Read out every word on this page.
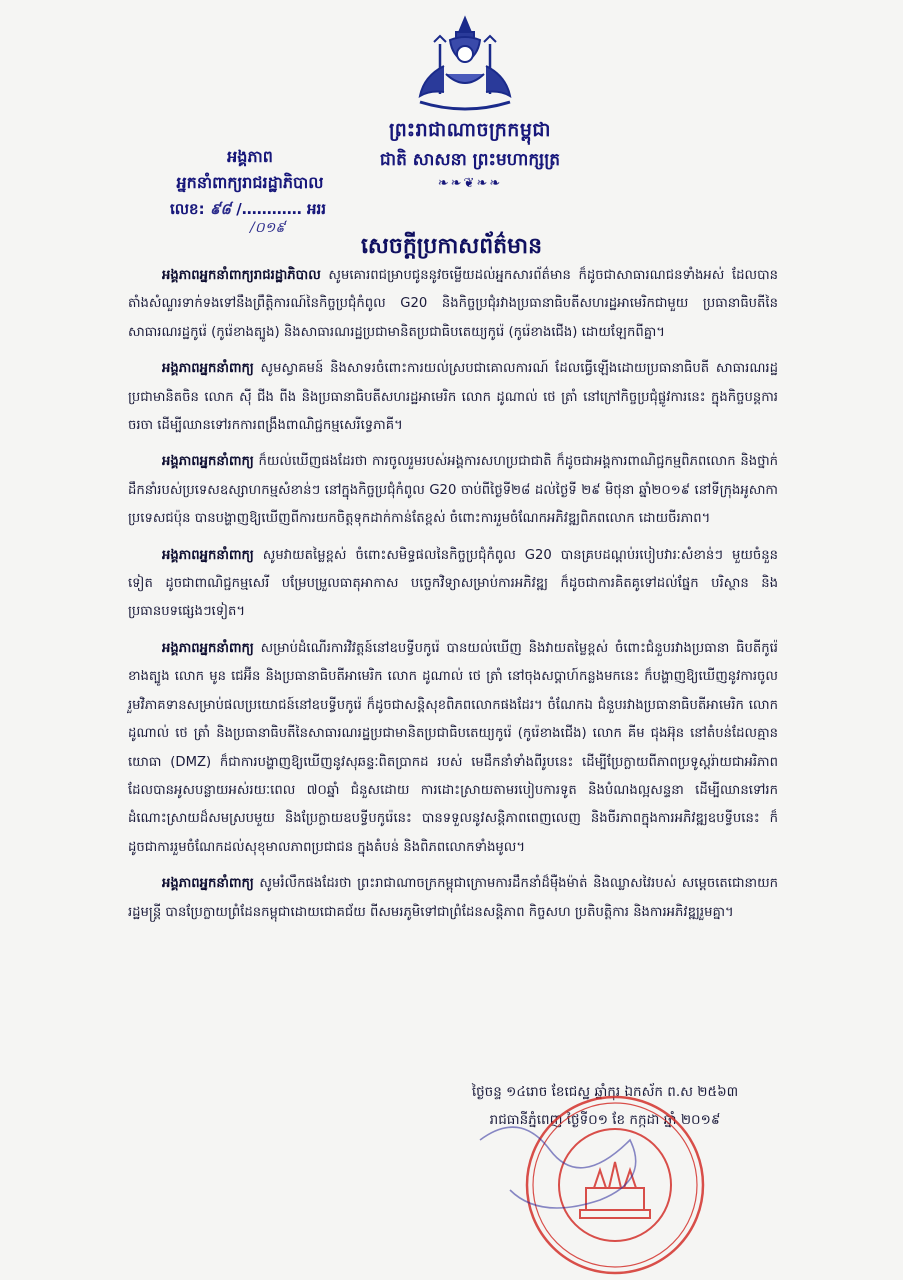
ព្រះរាជាណាចក្រកម្ពុជា
ជាតិ សាសនា ព្រះមហាក្សត្រ
❧❧❦❧❧
អង្គភាព
អ្នកនាំពាក្យរាជរដ្ឋាភិបាល
លេខ: ៩៨ /………… អររ
/០១៩
សេចក្តីប្រកាសព័ត៌មាន

អង្គភាពអ្នកនាំពាក្យរាជរដ្ឋាភិបាល សូមគោរពជម្រាបជូននូវចម្លើយដល់អ្នកសារព័ត៌មាន ក៏ដូចជាសាធារណជនទាំងអស់ ដែលបានតាំងសំណួរទាក់ទងទៅនឹងព្រឹត្តិការណ៍នៃកិច្ចប្រជុំកំពូល G20 និងកិច្ចប្រជុំរវាងប្រធានាធិបតីសហរដ្ឋអាមេរិកជាមួយ ប្រធានាធិបតីនៃសាធារណរដ្ឋកូរ៉េ (កូរ៉េខាងត្បូង) និងសាធារណរដ្ឋប្រជាមានិតប្រជាធិបតេយ្យកូរ៉េ (កូរ៉េខាងជើង) ដោយឡែកពីគ្នា។

អង្គភាពអ្នកនាំពាក្យ សូមស្វាគមន៍ និងសាទរចំពោះការយល់ស្របជាគោលការណ៍ ដែលធ្វើឡើងដោយប្រធានាធិបតី សាធារណរដ្ឋប្រជាមានិតចិន លោក ស៊ី ជីង ពីង និងប្រធានាធិបតីសហរដ្ឋអាមេរិក លោក ដូណាល់ ថេ ត្រាំ នៅក្រៅកិច្ចប្រជុំផ្លូវការនេះ ក្នុងកិច្ចបន្តការចរចា ដើម្បីឈានទៅរកការពង្រឹងពាណិជ្ជកម្មសេរីទ្វេភាគី។

អង្គភាពអ្នកនាំពាក្យ ក៏យល់ឃើញផងដែរថា ការចូលរួមរបស់អង្គការសហប្រជាជាតិ ក៏ដូចជាអង្គការពាណិជ្ជកម្មពិភពលោក និងថ្នាក់ដឹកនាំរបស់ប្រទេសឧស្សាហកម្មសំខាន់ៗ នៅក្នុងកិច្ចប្រជុំកំពូល G20 ចាប់ពីថ្ងៃទី២៨ ដល់ថ្ងៃទី ២៩ មិថុនា ឆ្នាំ២០១៩ នៅទីក្រុងអូសាកា ប្រទេសជប៉ុន បានបង្ហាញឱ្យឃើញពីការយកចិត្តទុកដាក់កាន់តែខ្ពស់ ចំពោះការរួមចំណែកអភិវឌ្ឍពិភពលោក ដោយចីរភាព។

អង្គភាពអ្នកនាំពាក្យ សូមវាយតម្លៃខ្ពស់ ចំពោះសមិទ្ធផលនៃកិច្ចប្រជុំកំពូល G20 បានគ្របដណ្តប់របៀបវារៈសំខាន់ៗ មួយចំនួនទៀត ដូចជាពាណិជ្ជកម្មសេរី បម្រែបម្រួលធាតុអាកាស បច្ចេកវិទ្យាសម្រាប់ការអភិវឌ្ឍ ក៏ដូចជាការគិតគូទៅដល់ផ្នែក បរិស្ថាន និងប្រធានបទផ្សេងៗទៀត។

អង្គភាពអ្នកនាំពាក្យ សម្រាប់ដំណើរការវិវត្តន៍នៅឧបទ្វីបកូរ៉េ បានយល់ឃើញ និងវាយតម្លៃខ្ពស់ ចំពោះជំនួបរវាងប្រធានា ធិបតីកូរ៉េខាងត្បូង លោក មូន ជេអ៊ីន និងប្រធានាធិបតីអាមេរិក លោក ដូណាល់ ថេ ត្រាំ នៅចុងសប្តាហ៍កន្លងមកនេះ ក៏បង្ហាញឱ្យឃើញនូវការចូលរួមវិភាគទានសម្រាប់ផលប្រយោជន៍នៅឧបទ្វីបកូរ៉េ ក៏ដូចជាសន្តិសុខពិភពលោកផងដែរ។ ចំណែកឯ ជំនួបរវាងប្រធានាធិបតីអាមេរិក លោក ដូណាល់ ថេ ត្រាំ និងប្រធានាធិបតីនៃសាធារណរដ្ឋប្រជាមានិតប្រជាធិបតេយ្យកូរ៉េ (កូរ៉េខាងជើង) លោក គីម ជុងអ៊ុន នៅតំបន់ដែលគ្មានយោធា (DMZ) ក៏ជាការបង្ហាញឱ្យឃើញនូវសុឆន្ទៈពិតប្រាកដ របស់ មេដឹកនាំទាំងពីរូបនេះ ដើម្បីប្រែក្លាយពីភាពប្រទូស្តរ៉ាយជាអរិភាព ដែលបានអូសបន្លាយអស់រយៈពេល ៧០ឆ្នាំ ជំនួសដោយ ការដោះស្រាយតាមរបៀបការទូត និងបំណងល្អសន្ទនា ដើម្បីឈានទៅរកដំណោះស្រាយដ៏សមស្របមួយ និងប្រែក្លាយឧបទ្វីបកូរ៉េនេះ បានទទួលនូវសន្តិភាពពេញលេញ និងចីរភាពក្នុងការអភិវឌ្ឍឧបទ្វីបនេះ ក៏ដូចជាការរួមចំណែកដល់សុខុមាលភាពប្រជាជន ក្នុងតំបន់ និងពិភពលោកទាំងមូល។

អង្គភាពអ្នកនាំពាក្យ សូមរំលឹកផងដែរថា ព្រះរាជាណាចក្រកម្ពុជាក្រោមការដឹកនាំដ៏ម៉ឺងម៉ាត់ និងឈ្លាសវៃរបស់ សម្តេចតេជោនាយករដ្ឋមន្ត្រី បានប្រែក្លាយព្រំដែនកម្ពុជាដោយជោគជ័យ ពីសមរភូមិទៅជាព្រំដែនសន្តិភាព កិច្ចសហ ប្រតិបត្តិការ និងការអភិវឌ្ឍរួមគ្នា។

ថ្ងៃចន្ទ ១៤រោច ខែជេស្ឋ ឆ្នាំកុរ ឯកស័ក ព.ស ២៥៦៣
រាជធានីភ្នំពេញ ថ្ងៃទី០១ ខែ កក្កដា ឆ្នាំ ២០១៩
